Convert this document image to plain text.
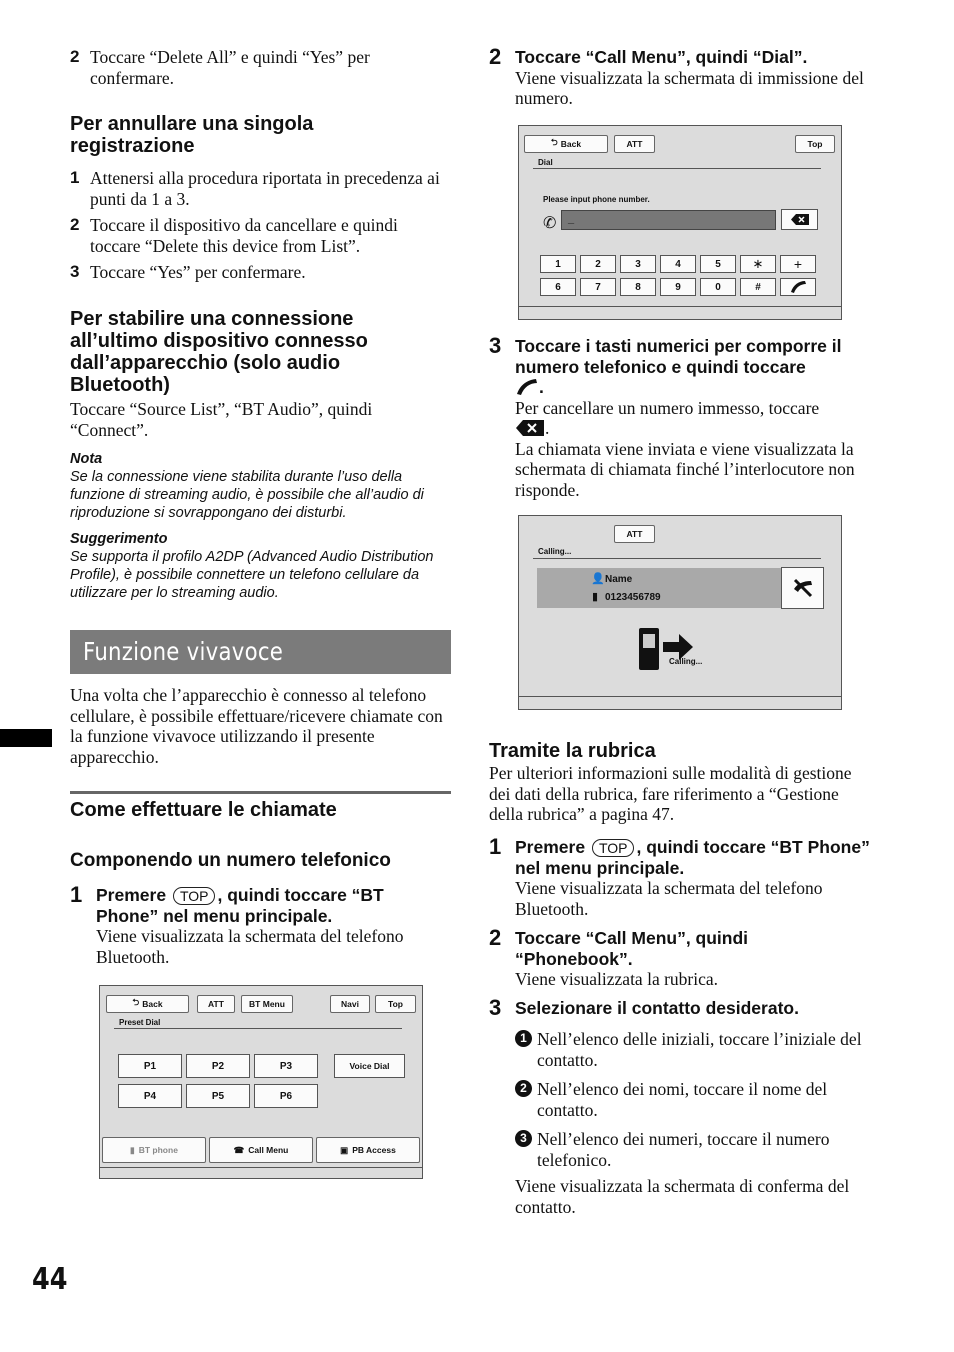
2 Toccare “Delete All” e quindi “Yes” per confermare.
Per annullare una singola registrazione
1 Attenersi alla procedura riportata in precedenza ai punti da 1 a 3.
2 Toccare il dispositivo da cancellare e quindi toccare “Delete this device from List”.
3 Toccare “Yes” per confermare.
Per stabilire una connessione all’ultimo dispositivo connesso dall’apparecchio (solo audio Bluetooth)
Toccare “Source List”, “BT Audio”, quindi “Connect”.
Nota
Se la connessione viene stabilita durante l’uso della funzione di streaming audio, è possibile che all’audio di riproduzione si sovrappongano dei disturbi.
Suggerimento
Se supporta il profilo A2DP (Advanced Audio Distribution Profile), è possibile connettere un telefono cellulare da utilizzare per lo streaming audio.
Funzione vivavoce
Una volta che l’apparecchio è connesso al telefono cellulare, è possibile effettuare/ricevere chiamate con la funzione vivavoce utilizzando il presente apparecchio.
Come effettuare le chiamate
Componendo un numero telefonico
1 Premere TOP , quindi toccare “BT Phone” nel menu principale.
Viene visualizzata la schermata del telefono Bluetooth.
⮌ Back	ATT	BT Menu	Navi	Top
Preset Dial
P1	P2	P3
P4	P5	P6
Voice Dial
▮ BT phone	☎ Call Menu	▣ PB Access
44
2 Toccare “Call Menu”, quindi “Dial”.
Viene visualizzata la schermata di immissione del numero.
⮌ Back	ATT	Top
Dial
Please input phone number.
✆ _
1	2	3	4	5	∗	+
6	7	8	9	0	#
3 Toccare i tasti numerici per comporre il numero telefonico e quindi toccare
.
Per cancellare un numero immesso, toccare
.
La chiamata viene inviata e viene visualizzata la schermata di chiamata finché l’interlocutore non risponde.
ATT
Calling...
👤 Name
▮ 0123456789
Calling...
Tramite la rubrica
Per ulteriori informazioni sulle modalità di gestione dei dati della rubrica, fare riferimento a “Gestione della rubrica” a pagina 47.
1 Premere TOP , quindi toccare “BT Phone” nel menu principale.
Viene visualizzata la schermata del telefono Bluetooth.
2 Toccare “Call Menu”, quindi “Phonebook”.
Viene visualizzata la rubrica.
3 Selezionare il contatto desiderato.
1 Nell’elenco delle iniziali, toccare l’iniziale del contatto.
2 Nell’elenco dei nomi, toccare il nome del contatto.
3 Nell’elenco dei numeri, toccare il numero telefonico.
Viene visualizzata la schermata di conferma del contatto.
